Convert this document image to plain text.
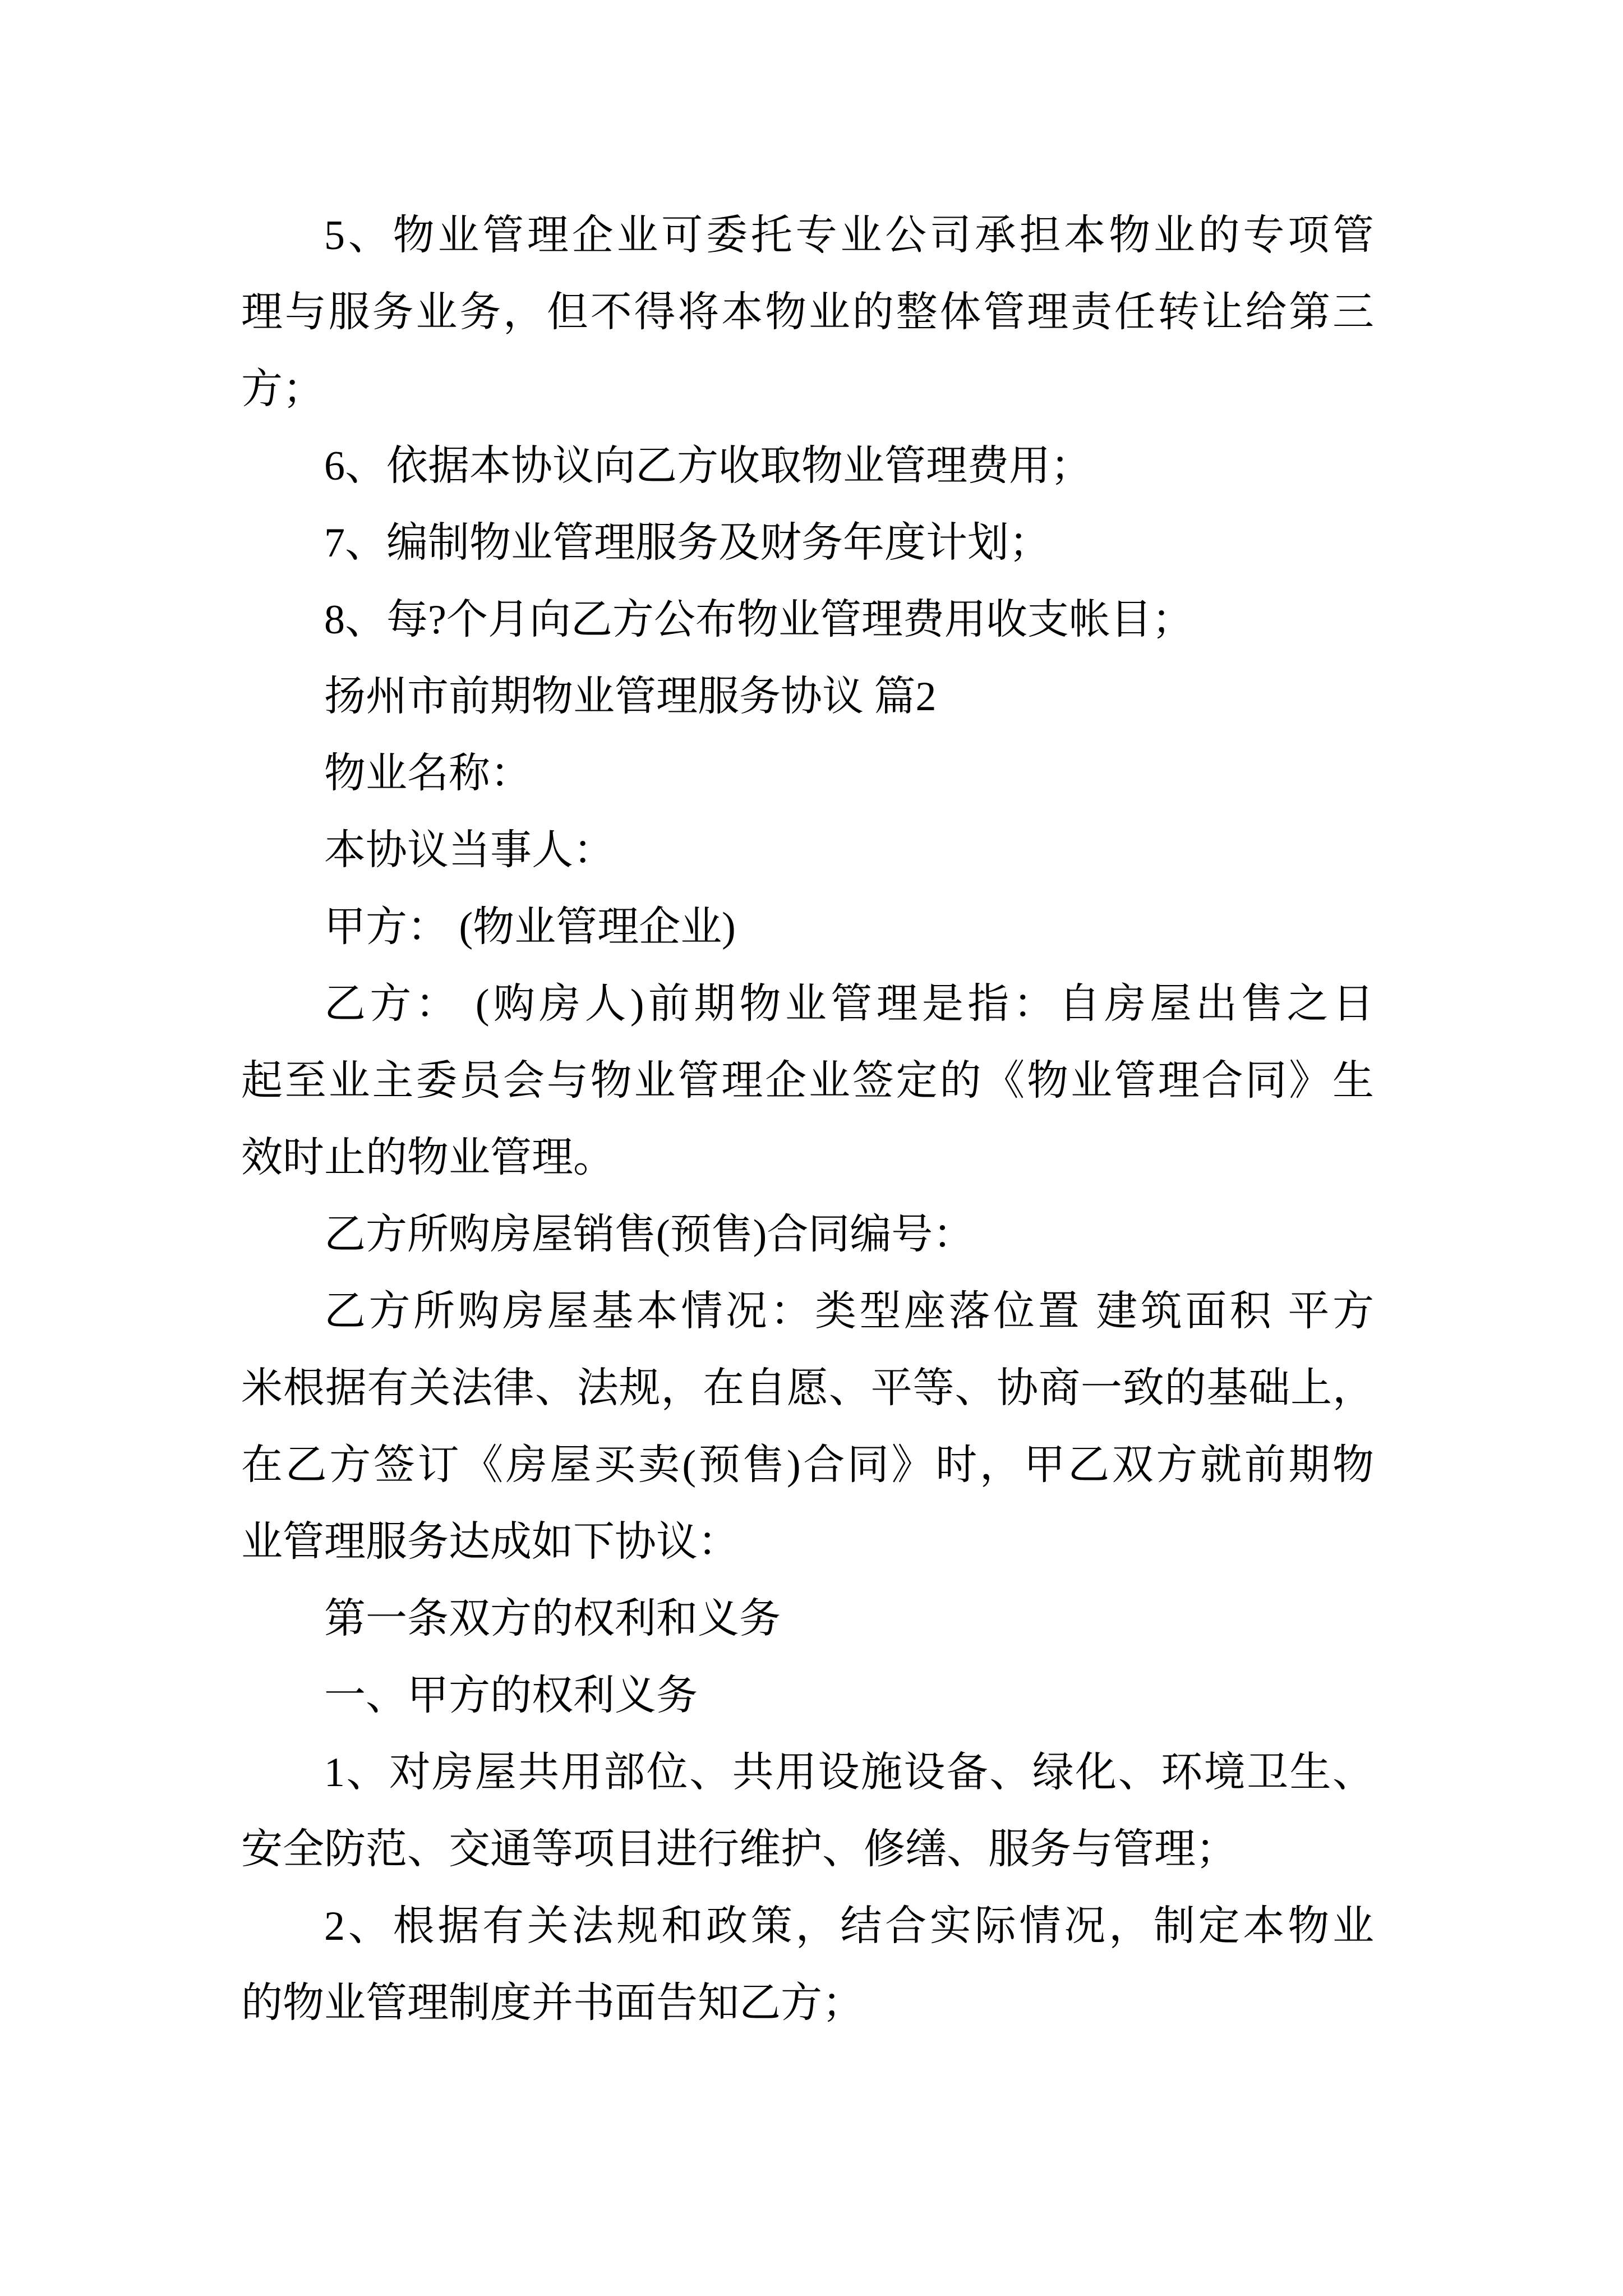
5、物业管理企业可委托专业公司承担本物业的专项管
理与服务业务，但不得将本物业的整体管理责任转让给第三
方；
6、依据本协议向乙方收取物业管理费用；
7、编制物业管理服务及财务年度计划；
8、每?个月向乙方公布物业管理费用收支帐目；
扬州市前期物业管理服务协议 篇2
物业名称：
本协议当事人：
甲方： (物业管理企业)
乙方： (购房人)前期物业管理是指：自房屋出售之日
起至业主委员会与物业管理企业签定的《物业管理合同》生
效时止的物业管理。
乙方所购房屋销售(预售)合同编号：
乙方所购房屋基本情况：类型座落位置 建筑面积 平方
米根据有关法律、法规，在自愿、平等、协商一致的基础上，
在乙方签订《房屋买卖(预售)合同》时，甲乙双方就前期物
业管理服务达成如下协议：
第一条双方的权利和义务
一、甲方的权利义务
1、对房屋共用部位、共用设施设备、绿化、环境卫生、
安全防范、交通等项目进行维护、修缮、服务与管理；
2、根据有关法规和政策，结合实际情况，制定本物业
的物业管理制度并书面告知乙方；
